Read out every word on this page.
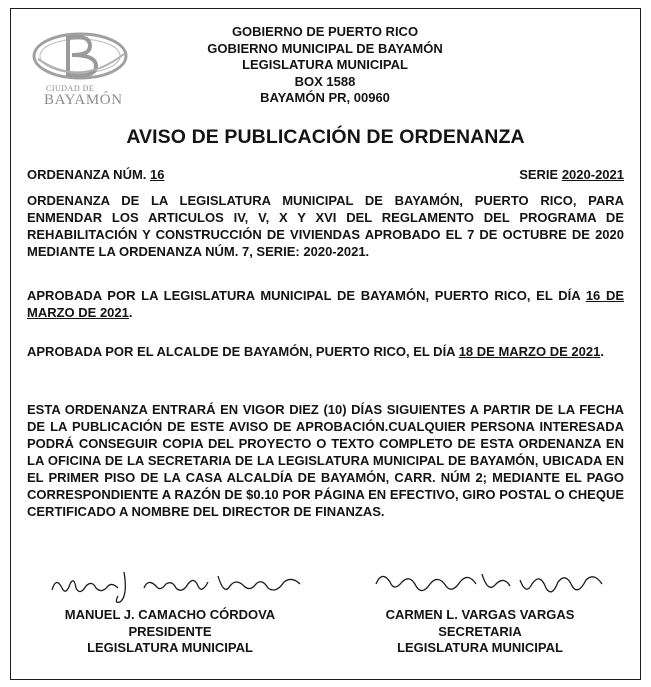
CIUDAD DE
BAYAMÓN
GOBIERNO DE PUERTO RICO
GOBIERNO MUNICIPAL DE BAYAMÓN
LEGISLATURA MUNICIPAL
BOX 1588
BAYAMÓN PR, 00960
AVISO DE PUBLICACIÓN DE ORDENANZA
ORDENANZA NÚM. 16	SERIE 2020-2021
ORDENANZA DE LA LEGISLATURA MUNICIPAL DE BAYAMÓN, PUERTO RICO, PARA ENMENDAR LOS ARTICULOS IV, V, X Y XVI DEL REGLAMENTO DEL PROGRAMA DE REHABILITACIÓN Y CONSTRUCCIÓN DE VIVIENDAS APROBADO EL 7 DE OCTUBRE DE 2020 MEDIANTE LA ORDENANZA NÚM. 7, SERIE: 2020-2021.
APROBADA POR LA LEGISLATURA MUNICIPAL DE BAYAMÓN, PUERTO RICO, EL DÍA 16 DE MARZO DE 2021.
APROBADA POR EL ALCALDE DE BAYAMÓN, PUERTO RICO, EL DÍA 18 DE MARZO DE 2021.
ESTA ORDENANZA ENTRARÁ EN VIGOR DIEZ (10) DÍAS SIGUIENTES A PARTIR DE LA FECHA DE LA PUBLICACIÓN DE ESTE AVISO DE APROBACIÓN.CUALQUIER PERSONA INTERESADA PODRÁ CONSEGUIR COPIA DEL PROYECTO O TEXTO COMPLETO DE ESTA ORDENANZA EN LA OFICINA DE LA SECRETARIA DE LA LEGISLATURA MUNICIPAL DE BAYAMÓN, UBICADA EN EL PRIMER PISO DE LA CASA ALCALDÍA DE BAYAMÓN, CARR. NÚM 2; MEDIANTE EL PAGO CORRESPONDIENTE A RAZÓN DE $0.10 POR PÁGINA EN EFECTIVO, GIRO POSTAL O CHEQUE CERTIFICADO A NOMBRE DEL DIRECTOR DE FINANZAS.
MANUEL J. CAMACHO CÓRDOVA
PRESIDENTE
LEGISLATURA MUNICIPAL
CARMEN L. VARGAS VARGAS
SECRETARIA
LEGISLATURA MUNICIPAL
